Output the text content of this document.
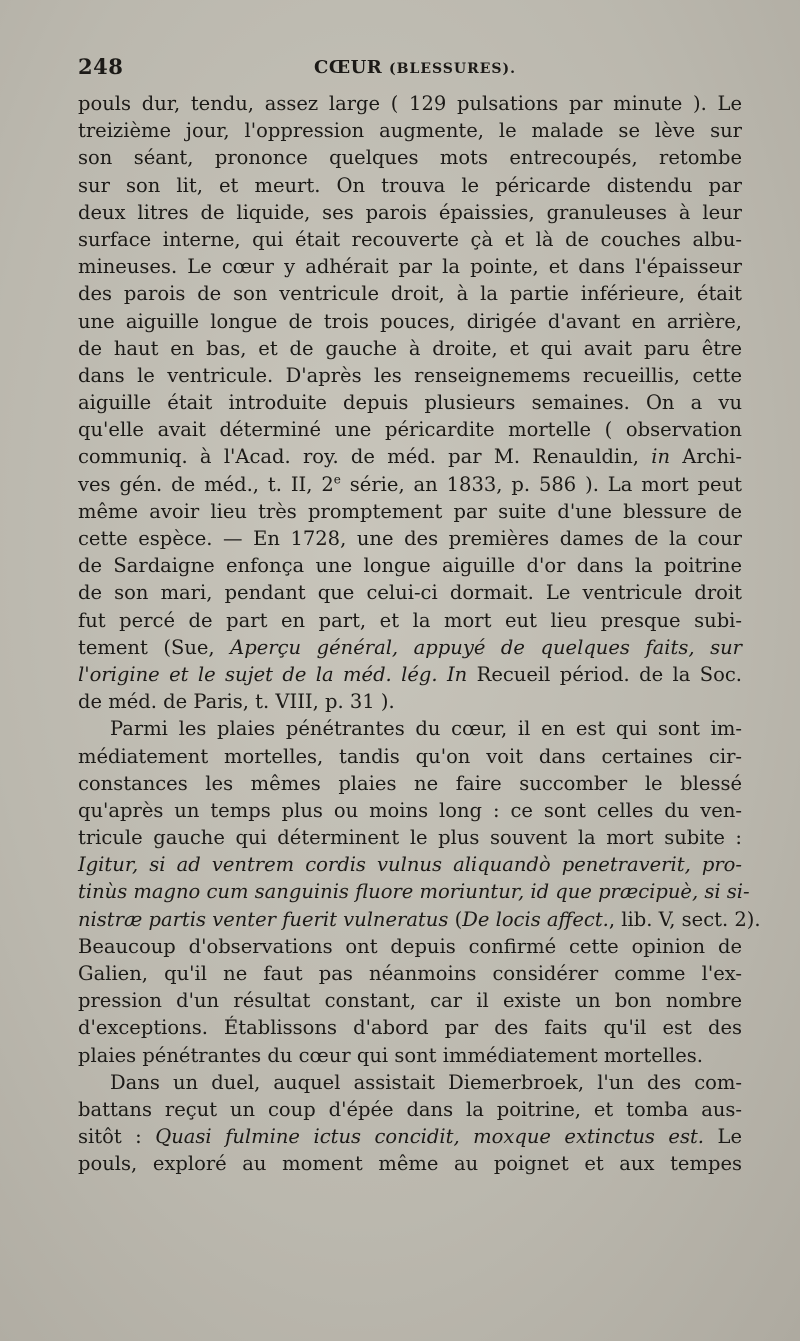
248	CŒUR (BLESSURES).
pouls dur, tendu, assez large ( 129 pulsations par minute ). Le
treizième jour, l'oppression augmente, le malade se lève sur
son séant, prononce quelques mots entrecoupés, retombe
sur son lit, et meurt. On trouva le péricarde distendu par
deux litres de liquide, ses parois épaissies, granuleuses à leur
surface interne, qui était recouverte çà et là de couches albu-
mineuses. Le cœur y adhérait par la pointe, et dans l'épaisseur
des parois de son ventricule droit, à la partie inférieure, était
une aiguille longue de trois pouces, dirigée d'avant en arrière,
de haut en bas, et de gauche à droite, et qui avait paru être
dans le ventricule. D'après les renseignemems recueillis, cette
aiguille était introduite depuis plusieurs semaines. On a vu
qu'elle avait déterminé une péricardite mortelle ( observation
communiq. à l'Acad. roy. de méd. par M. Renauldin, in Archi-
ves gén. de méd., t. II, 2e série, an 1833, p. 586 ). La mort peut
même avoir lieu très promptement par suite d'une blessure de
cette espèce. — En 1728, une des premières dames de la cour
de Sardaigne enfonça une longue aiguille d'or dans la poitrine
de son mari, pendant que celui-ci dormait. Le ventricule droit
fut percé de part en part, et la mort eut lieu presque subi-
tement (Sue, Aperçu général, appuyé de quelques faits, sur
l'origine et le sujet de la méd. lég. In Recueil périod. de la Soc.
de méd. de Paris, t. VIII, p. 31 ).
Parmi les plaies pénétrantes du cœur, il en est qui sont im-
médiatement mortelles, tandis qu'on voit dans certaines cir-
constances les mêmes plaies ne faire succomber le blessé
qu'après un temps plus ou moins long : ce sont celles du ven-
tricule gauche qui déterminent le plus souvent la mort subite :
Igitur, si ad ventrem cordis vulnus aliquandò penetraverit, pro-
tinùs magno cum sanguinis fluore moriuntur, id que præcipuè, si si-
nistræ partis venter fuerit vulneratus (De locis affect., lib. V, sect. 2).
Beaucoup d'observations ont depuis confirmé cette opinion de
Galien, qu'il ne faut pas néanmoins considérer comme l'ex-
pression d'un résultat constant, car il existe un bon nombre
d'exceptions. Établissons d'abord par des faits qu'il est des
plaies pénétrantes du cœur qui sont immédiatement mortelles.
Dans un duel, auquel assistait Diemerbroek, l'un des com-
battans reçut un coup d'épée dans la poitrine, et tomba aus-
sitôt : Quasi fulmine ictus concidit, moxque extinctus est. Le
pouls, exploré au moment même au poignet et aux tempes
